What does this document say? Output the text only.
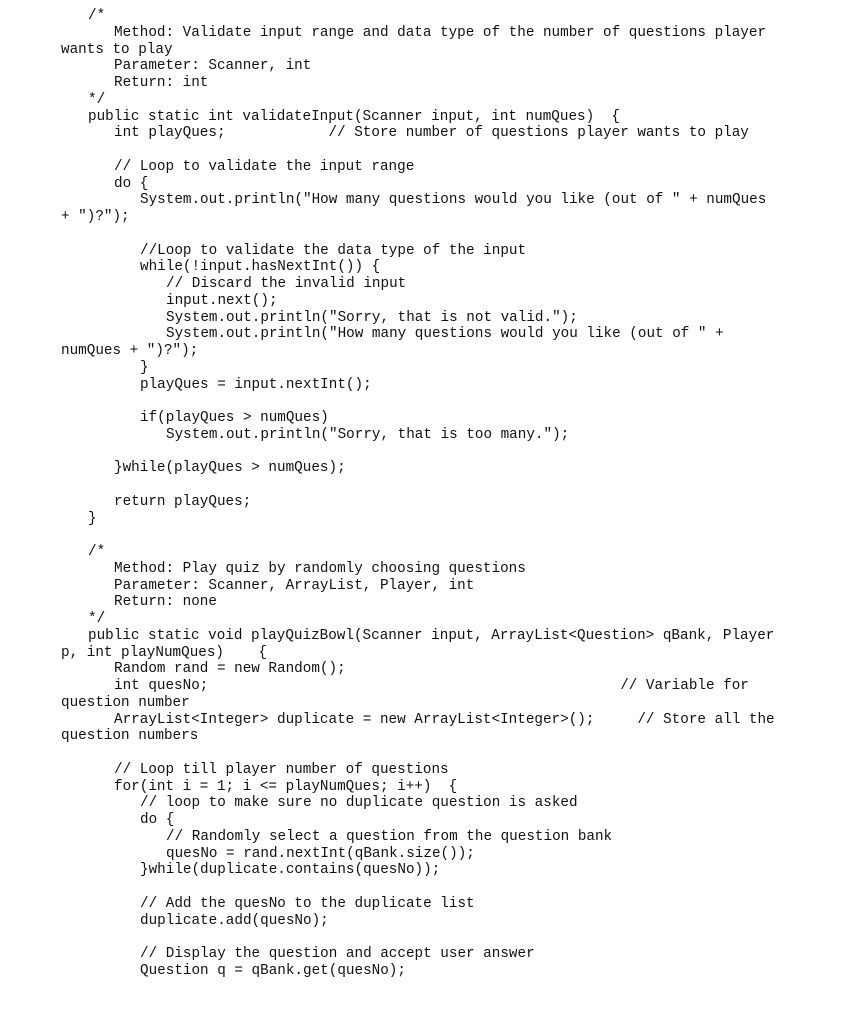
/*
Method: Validate input range and data type of the number of questions player
wants to play
Parameter: Scanner, int
Return: int
*/
public static int validateInput(Scanner input, int numQues)  {
int playQues;            // Store number of questions player wants to play
// Loop to validate the input range
do {
System.out.println("How many questions would you like (out of " + numQues
+ ")?");
//Loop to validate the data type of the input
while(!input.hasNextInt()) {
// Discard the invalid input
input.next();
System.out.println("Sorry, that is not valid.");
System.out.println("How many questions would you like (out of " +
numQues + ")?");
}
playQues = input.nextInt();
if(playQues > numQues)
System.out.println("Sorry, that is too many.");
}while(playQues > numQues);
return playQues;
}
/*
Method: Play quiz by randomly choosing questions
Parameter: Scanner, ArrayList, Player, int
Return: none
*/
public static void playQuizBowl(Scanner input, ArrayList<Question> qBank, Player
p, int playNumQues)    {
Random rand = new Random();
int quesNo;                                                // Variable for
question number
ArrayList<Integer> duplicate = new ArrayList<Integer>();     // Store all the
question numbers
// Loop till player number of questions
for(int i = 1; i <= playNumQues; i++)  {
// loop to make sure no duplicate question is asked
do {
// Randomly select a question from the question bank
quesNo = rand.nextInt(qBank.size());
}while(duplicate.contains(quesNo));
// Add the quesNo to the duplicate list
duplicate.add(quesNo);
// Display the question and accept user answer
Question q = qBank.get(quesNo);
